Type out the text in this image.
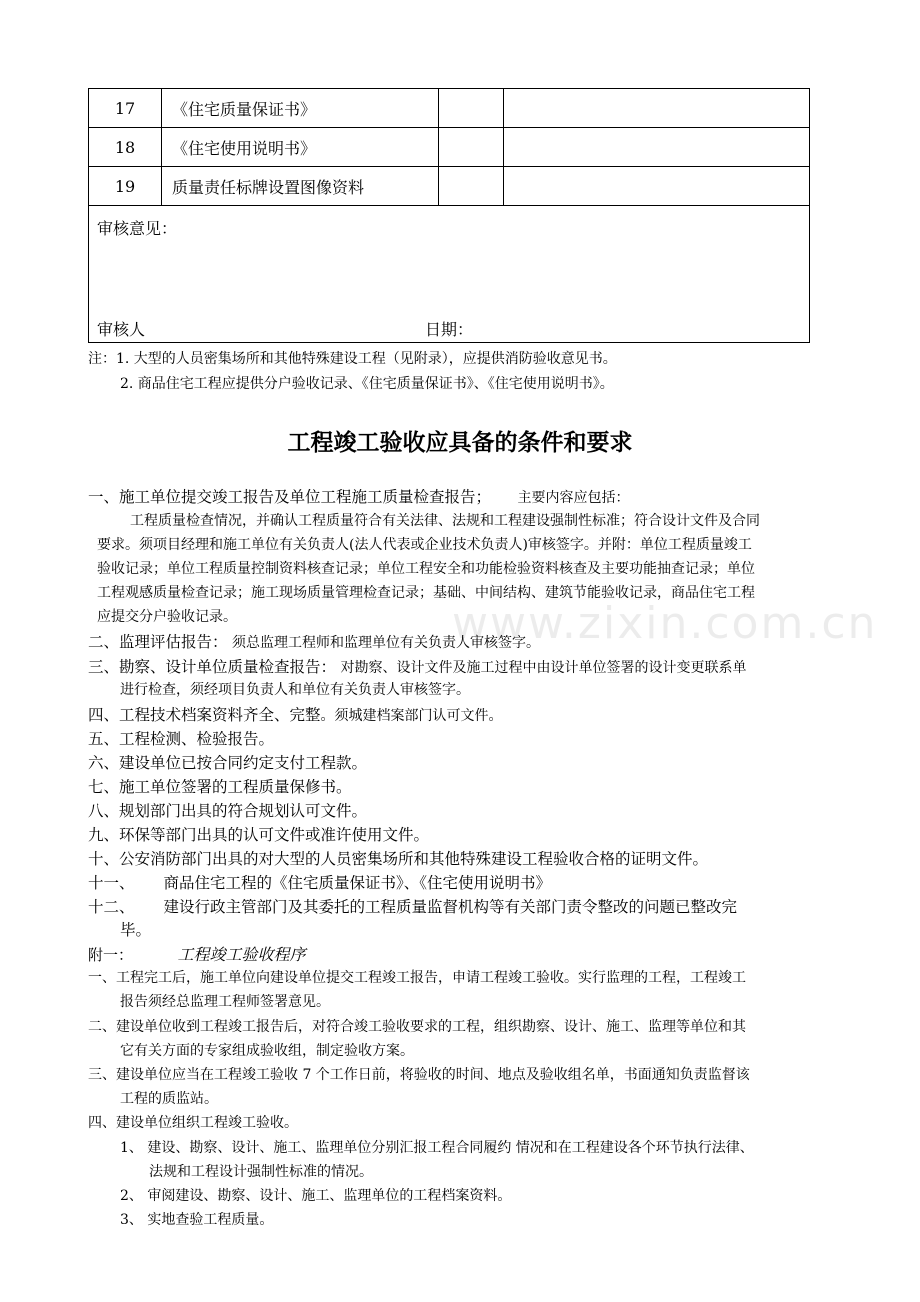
17	《住宅质量保证书》		
18	《住宅使用说明书》		
19	质量责任标牌设置图像资料		

审核意见：
审核人 日期：			
注：1. 大型的人员密集场所和其他特殊建设工程（见附录），应提供消防验收意见书。
2. 商品住宅工程应提供分户验收记录、《住宅质量保证书》、《住宅使用说明书》。
工程竣工验收应具备的条件和要求
www.zixin.com.cn
一、施工单位提交竣工报告及单位工程施工质量检查报告； 主要内容应包括：
工程质量检查情况，并确认工程质量符合有关法律、法规和工程建设强制性标准；符合设计文件及合同
要求。须项目经理和施工单位有关负责人(法人代表或企业技术负责人)审核签字。并附：单位工程质量竣工
验收记录；单位工程质量控制资料核查记录；单位工程安全和功能检验资料核查及主要功能抽查记录；单位
工程观感质量检查记录；施工现场质量管理检查记录；基础、中间结构、建筑节能验收记录，商品住宅工程
应提交分户验收记录。
二、监理评估报告： 须总监理工程师和监理单位有关负责人审核签字。
三、勘察、设计单位质量检查报告： 对勘察、设计文件及施工过程中由设计单位签署的设计变更联系单
进行检查，须经项目负责人和单位有关负责人审核签字。
四、工程技术档案资料齐全、完整。须城建档案部门认可文件。
五、工程检测、检验报告。
六、建设单位已按合同约定支付工程款。
七、施工单位签署的工程质量保修书。
八、规划部门出具的符合规划认可文件。
九、环保等部门出具的认可文件或准许使用文件。
十、公安消防部门出具的对大型的人员密集场所和其他特殊建设工程验收合格的证明文件。
十一、 商品住宅工程的《住宅质量保证书》、《住宅使用说明书》
十二、 建设行政主管部门及其委托的工程质量监督机构等有关部门责令整改的问题已整改完
毕。
附一：	工程竣工验收程序
一、工程完工后，施工单位向建设单位提交工程竣工报告，申请工程竣工验收。实行监理的工程，工程竣工
报告须经总监理工程师签署意见。
二、建设单位收到工程竣工报告后，对符合竣工验收要求的工程，组织勘察、设计、施工、监理等单位和其
它有关方面的专家组成验收组，制定验收方案。
三、建设单位应当在工程竣工验收 7 个工作日前，将验收的时间、地点及验收组名单，书面通知负责监督该
工程的质监站。
四、建设单位组织工程竣工验收。
1、 建设、勘察、设计、施工、监理单位分别汇报工程合同履约 情况和在工程建设各个环节执行法律、
法规和工程设计强制性标准的情况。
2、 审阅建设、勘察、设计、施工、监理单位的工程档案资料。
3、 实地查验工程质量。
